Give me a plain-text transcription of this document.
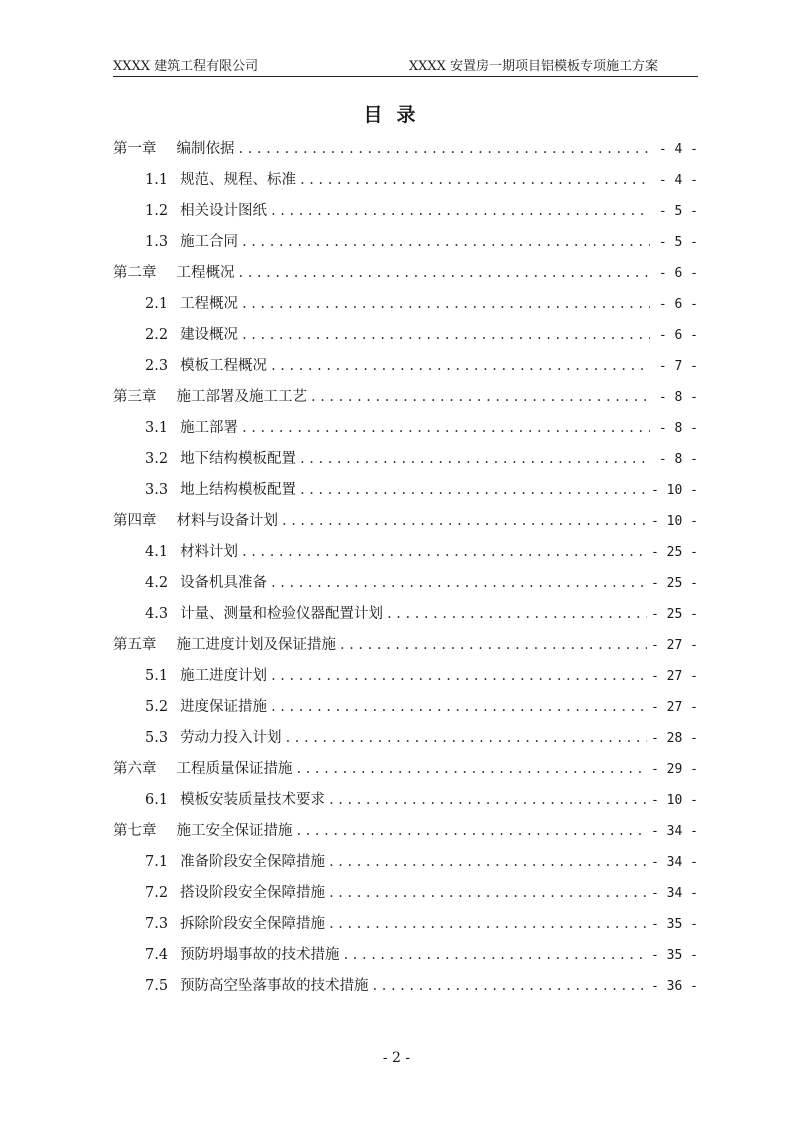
XXXX 建筑工程有限公司	XXXX 安置房一期项目铝模板专项施工方案
目录
第一章 编制依据 . . .	- 4 -
1.1 规范、规程、标准 . . .	- 4 -
1.2 相关设计图纸 . . .	- 5 -
1.3 施工合同 . . .	- 5 -
第二章 工程概况 . . .	- 6 -
2.1 工程概况 . . .	- 6 -
2.2 建设概况 . . .	- 6 -
2.3 模板工程概况 . . .	- 7 -
第三章 施工部署及施工工艺 . . .	- 8 -
3.1 施工部署 . . .	- 8 -
3.2 地下结构模板配置 . . .	- 8 -
3.3 地上结构模板配置 . . .	- 10 -
第四章 材料与设备计划 . . .	- 10 -
4.1 材料计划 . . .	- 25 -
4.2 设备机具准备 . . .	- 25 -
4.3 计量、测量和检验仪器配置计划 . . .	- 25 -
第五章 施工进度计划及保证措施 . . .	- 27 -
5.1 施工进度计划 . . .	- 27 -
5.2 进度保证措施 . . .	- 27 -
5.3 劳动力投入计划 . . .	- 28 -
第六章 工程质量保证措施 . . .	- 29 -
6.1 模板安装质量技术要求 . . .	- 10 -
第七章 施工安全保证措施 . . .	- 34 -
7.1 准备阶段安全保障措施 . . .	- 34 -
7.2 搭设阶段安全保障措施 . . .	- 34 -
7.3 拆除阶段安全保障措施 . . .	- 35 -
7.4 预防坍塌事故的技术措施 . . .	- 35 -
7.5 预防高空坠落事故的技术措施 . . .	- 36 -
- 2 -
